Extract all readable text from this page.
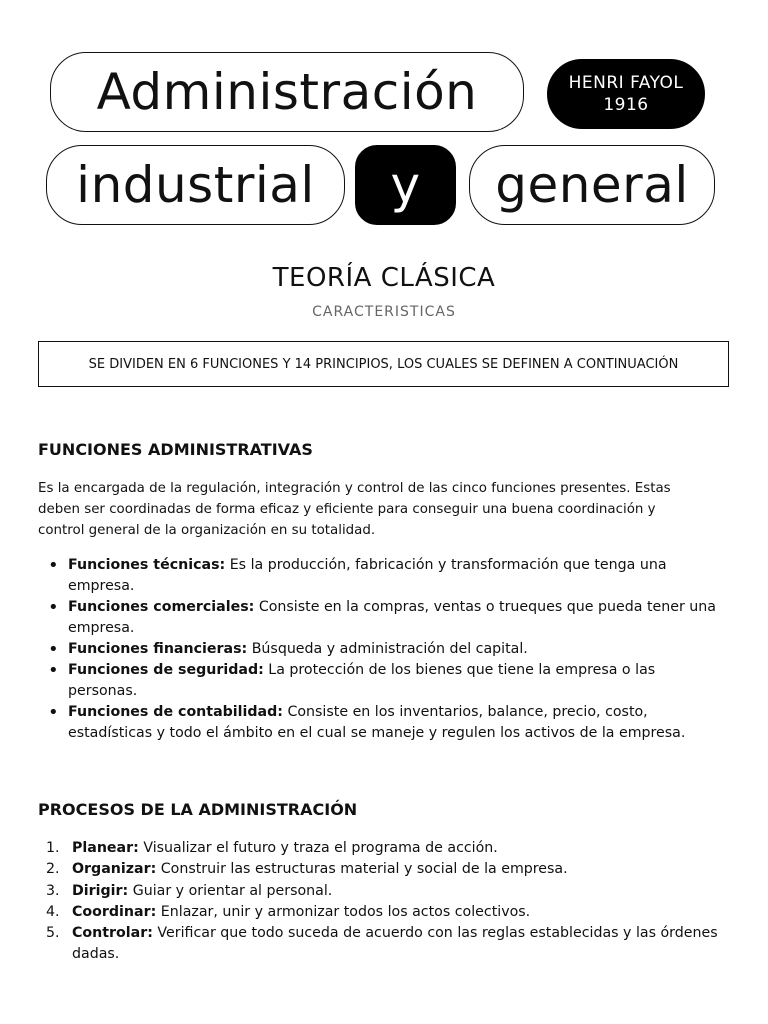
Administración	HENRI FAYOL
1916
industrial	y	general
TEORÍA CLÁSICA
CARACTERISTICAS
SE DIVIDEN EN 6 FUNCIONES Y 14 PRINCIPIOS, LOS CUALES SE DEFINEN A CONTINUACIÓN
FUNCIONES ADMINISTRATIVAS

Es la encargada de la regulación, integración y control de las cinco funciones presentes. Estas deben ser coordinadas de forma eficaz y eficiente para conseguir una buena coordinación y control general de la organización en su totalidad.

• Funciones técnicas: Es la producción, fabricación y transformación que tenga una empresa.
• Funciones comerciales: Consiste en la compras, ventas o trueques que pueda tener una empresa.
• Funciones financieras: Búsqueda y administración del capital.
• Funciones de seguridad: La protección de los bienes que tiene la empresa o las personas.
• Funciones de contabilidad: Consiste en los inventarios, balance, precio, costo, estadísticas y todo el ámbito en el cual se maneje y regulen los activos de la empresa.
PROCESOS DE LA ADMINISTRACIÓN
1. Planear: Visualizar el futuro y traza el programa de acción.
2. Organizar: Construir las estructuras material y social de la empresa.
3. Dirigir: Guiar y orientar al personal.
4. Coordinar: Enlazar, unir y armonizar todos los actos colectivos.
5. Controlar: Verificar que todo suceda de acuerdo con las reglas establecidas y las órdenes dadas.
